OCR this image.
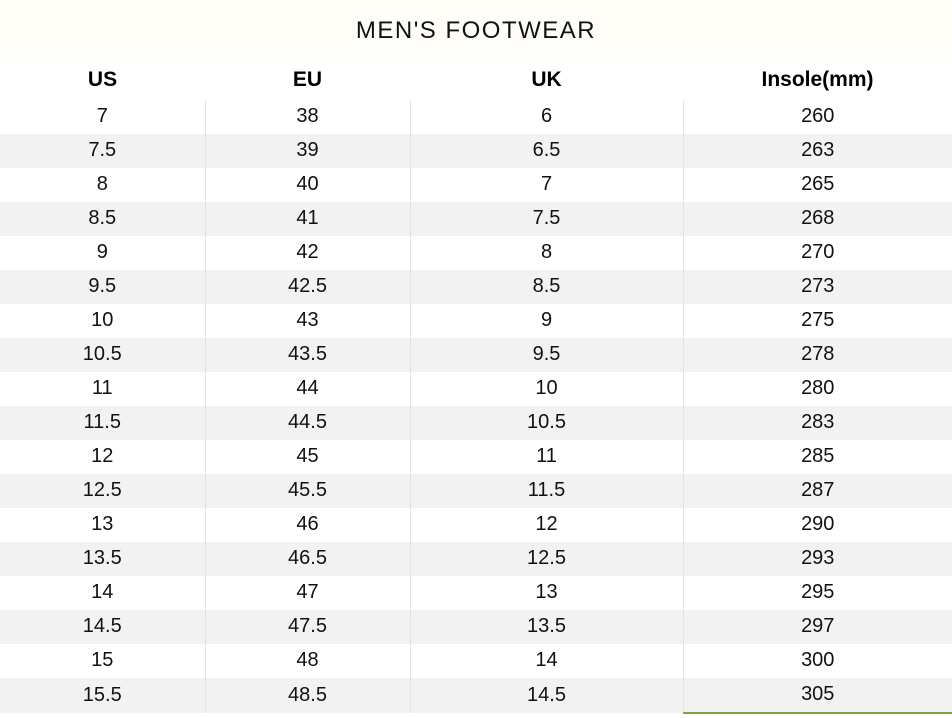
MEN'S FOOTWEAR
US	EU	UK	Insole(mm)
7	38	6	260
7.5	39	6.5	263
8	40	7	265
8.5	41	7.5	268
9	42	8	270
9.5	42.5	8.5	273
10	43	9	275
10.5	43.5	9.5	278
11	44	10	280
11.5	44.5	10.5	283
12	45	11	285
12.5	45.5	11.5	287
13	46	12	290
13.5	46.5	12.5	293
14	47	13	295
14.5	47.5	13.5	297
15	48	14	300
15.5	48.5	14.5	305
